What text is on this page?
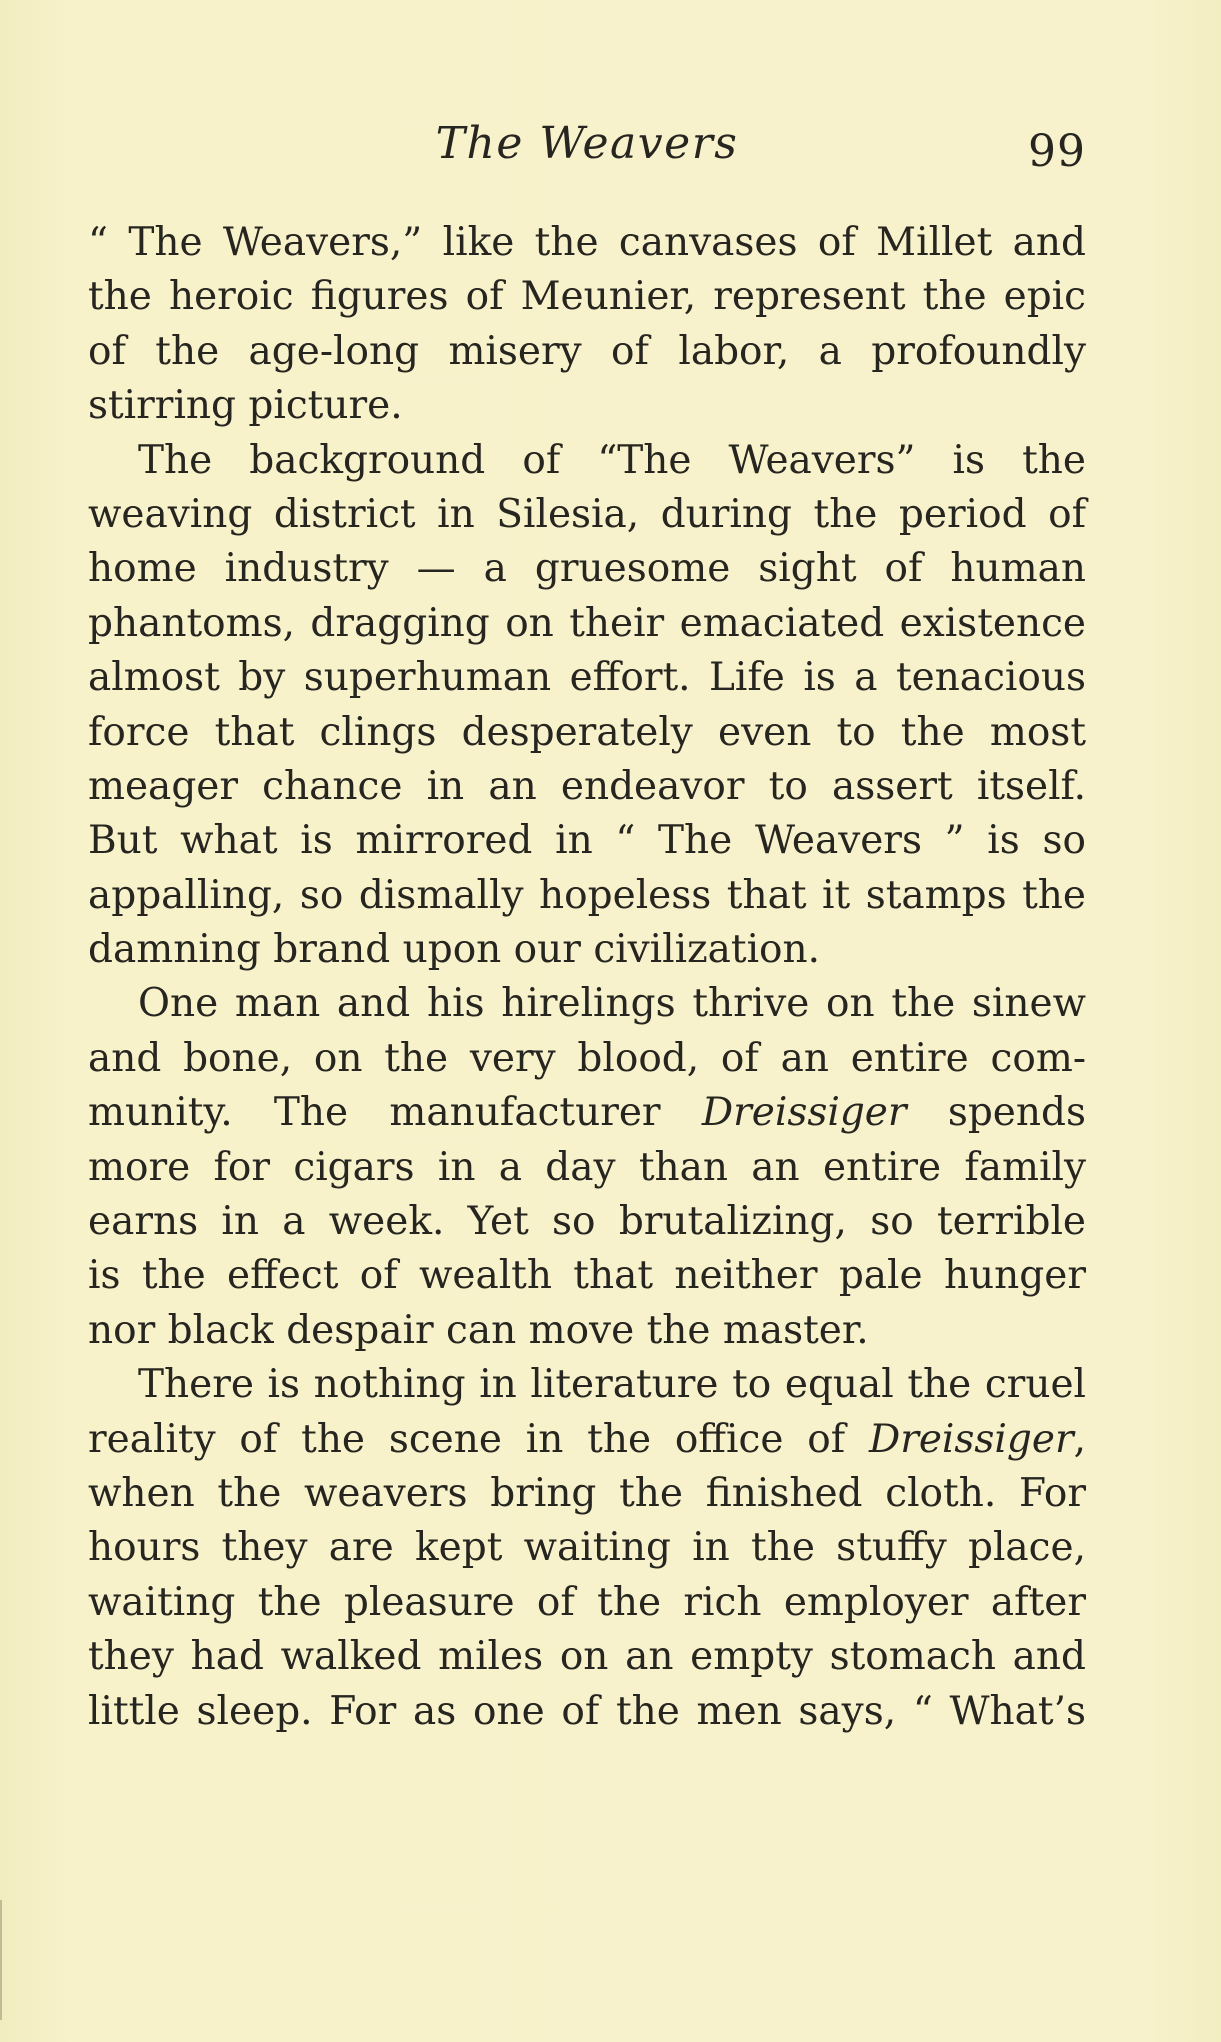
The Weavers	99
“ The Weavers,” like the canvases of Millet and
the heroic figures of Meunier, represent the epic
of the age-long misery of labor, a profoundly
stirring picture.
The background of “The Weavers” is the
weaving district in Silesia, during the period of
home industry — a gruesome sight of human
phantoms, dragging on their emaciated existence
almost by superhuman effort. Life is a tenacious
force that clings desperately even to the most
meager chance in an endeavor to assert itself.
But what is mirrored in “ The Weavers ” is so
appalling, so dismally hopeless that it stamps the
damning brand upon our civilization.
One man and his hirelings thrive on the sinew
and bone, on the very blood, of an entire com-
munity. The manufacturer Dreissiger spends
more for cigars in a day than an entire family
earns in a week. Yet so brutalizing, so terrible
is the effect of wealth that neither pale hunger
nor black despair can move the master.
There is nothing in literature to equal the cruel
reality of the scene in the office of Dreissiger,
when the weavers bring the finished cloth. For
hours they are kept waiting in the stuffy place,
waiting the pleasure of the rich employer after
they had walked miles on an empty stomach and
little sleep. For as one of the men says, “ What’s
